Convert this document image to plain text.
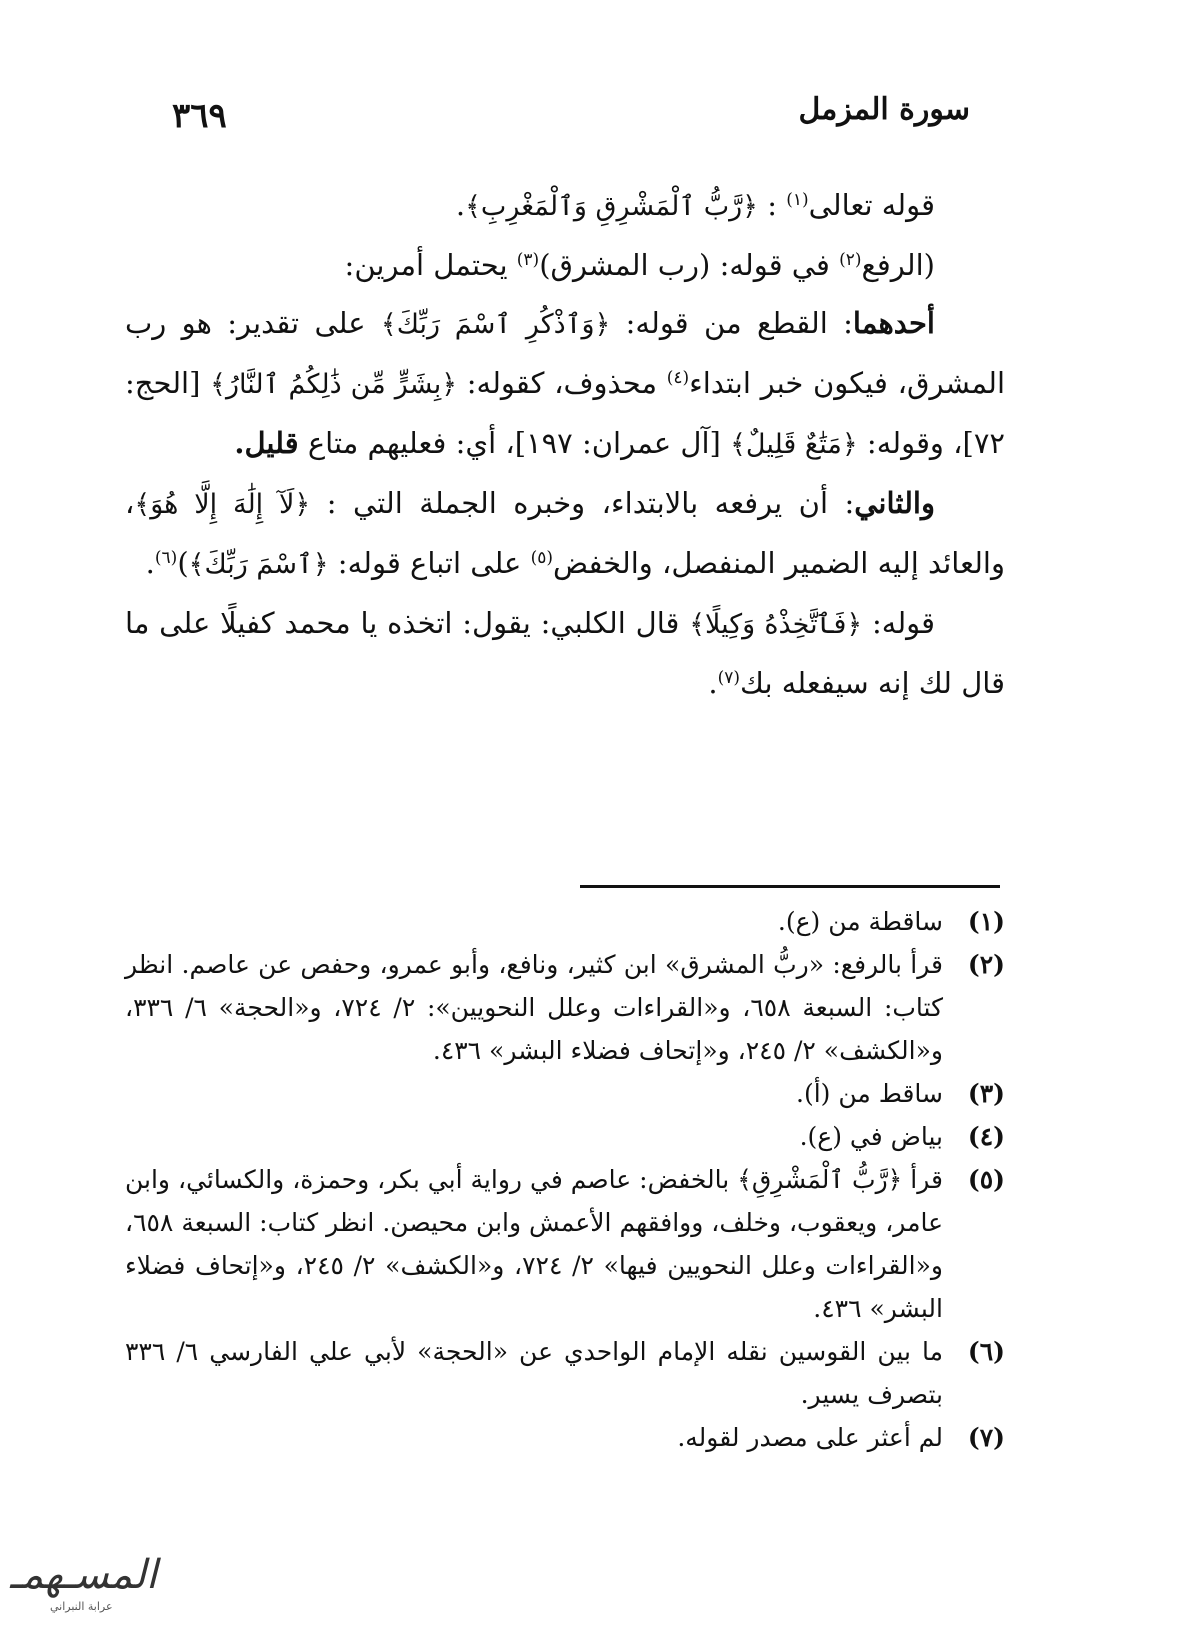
سورة المزمل
٣٦٩

قوله تعالى$^{(١)}$ : ﴿رَّبُّ ٱلْمَشْرِقِ وَٱلْمَغْرِبِ﴾.

(الرفع$^{(٢)}$ في قوله: (رب المشرق)$^{(٣)}$ يحتمل أمرين:

أحدهما: القطع من قوله: ﴿وَٱذْكُرِ ٱسْمَ رَبِّكَ﴾ على تقدير: هو رب المشرق، فيكون خبر ابتداء$^{(٤)}$ محذوف، كقوله: ﴿بِشَرٍّ مِّن ذَٰلِكُمُ ٱلنَّارُ﴾ [الحج: ٧٢]، وقوله: ﴿مَتَٰعٌ قَلِيلٌ﴾ [آل عمران: ١٩٧]، أي: فعليهم متاع قليل.

والثاني: أن يرفعه بالابتداء، وخبره الجملة التي : ﴿لَآ إِلَٰهَ إِلَّا هُوَ﴾، والعائد إليه الضمير المنفصل، والخفض$^{(٥)}$ على اتباع قوله: ﴿ٱسْمَ رَبِّكَ﴾)$^{(٦)}$.

قوله: ﴿فَٱتَّخِذْهُ وَكِيلًا﴾ قال الكلبي: يقول: اتخذه يا محمد كفيلًا على ما قال لك إنه سيفعله بك$^{(٧)}$.

(١)
ساقطة من (ع).
(٢)
قرأ بالرفع: «ربُّ المشرق» ابن كثير، ونافع، وأبو عمرو، وحفص عن عاصم. انظر كتاب: السبعة ٦٥٨، و«القراءات وعلل النحويين»: ٢/ ٧٢٤، و«الحجة» ٦/ ٣٣٦، و«الكشف» ٢/ ٢٤٥، و«إتحاف فضلاء البشر» ٤٣٦.
(٣)
ساقط من (أ).
(٤)
بياض في (ع).
(٥)
قرأ ﴿رَّبُّ ٱلْمَشْرِقِ﴾ بالخفض: عاصم في رواية أبي بكر، وحمزة، والكسائي، وابن عامر، ويعقوب، وخلف، ووافقهم الأعمش وابن محيصن. انظر كتاب: السبعة ٦٥٨، و«القراءات وعلل النحويين فيها» ٢/ ٧٢٤، و«الكشف» ٢/ ٢٤٥، و«إتحاف فضلاء البشر» ٤٣٦.
(٦)
ما بين القوسين نقله الإمام الواحدي عن «الحجة» لأبي علي الفارسي ٦/ ٣٣٦ بتصرف يسير.
(٧)
لم أعثر على مصدر لقوله.
المسـهمـ
عرابة النبراني
